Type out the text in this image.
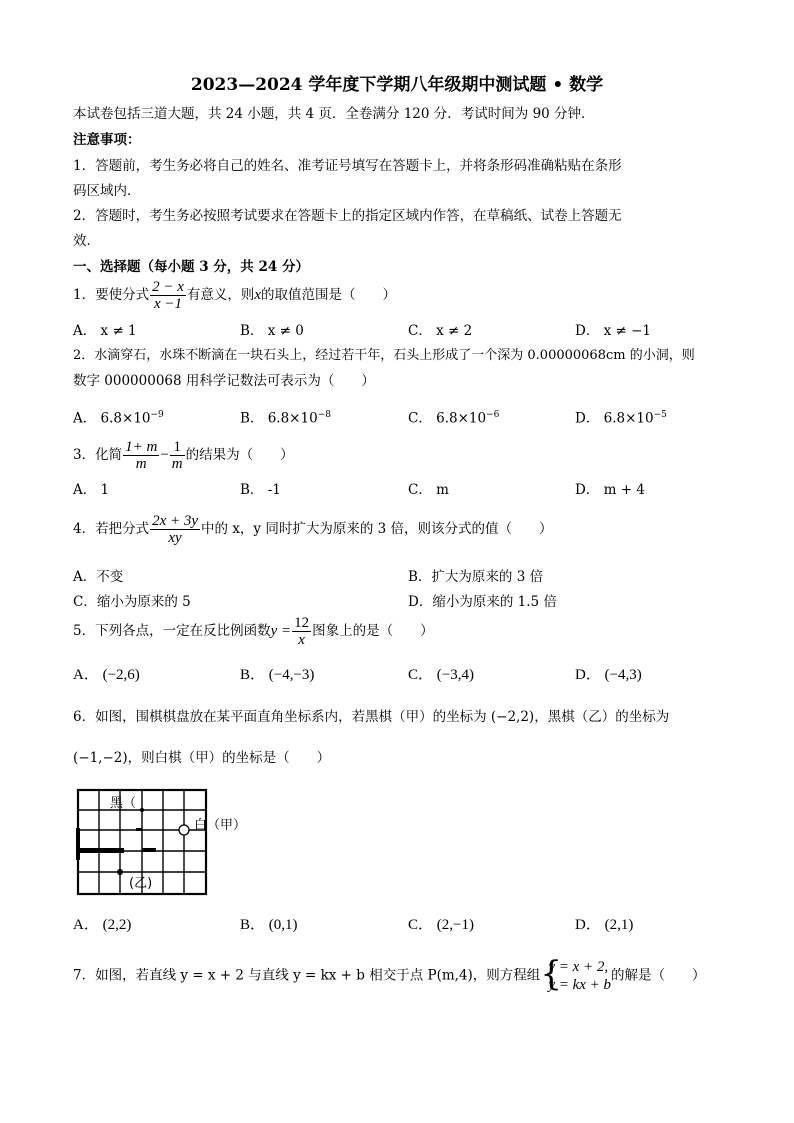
2023—2024 学年度下学期八年级期中测试题 • 数学
本试卷包括三道大题，共 24 小题，共 4 页．全卷满分 120 分．考试时间为 90 分钟．
注意事项：
1．答题前，考生务必将自己的姓名、准考证号填写在答题卡上，并将条形码准确粘贴在条形
码区域内．
2．答题时，考生务必按照考试要求在答题卡上的指定区域内作答，在草稿纸、试卷上答题无
效．
一、选择题（每小题 3 分，共 24 分）
1．要使分式 $\frac{2 - x}{x -1}$ 有意义，则x的取值范围是（　　）
A． x ≠ 1	B． x ≠ 0	C． x ≠ 2	D． x ≠ −1
2．水滴穿石，水珠不断滴在一块石头上，经过若干年，石头上形成了一个深为 0.00000068cm 的小洞，则
数字 000000068 用科学记数法可表示为（　　）
A． $6.8\times 10^{-9}$	B． $6.8\times 10^{-8}$	C． $6.8\times 10^{-6}$	D． $6.8\times 10^{-5}$
3．化简 $\frac{1+ m}{m} - \frac{1}{m}$ 的结果为（　　）
A． 1	B． -1	C． m	D． m + 4
4．若把分式 $\frac{2x + 3y}{xy}$ 中的 x，y 同时扩大为原来的 3 倍，则该分式的值（　　）
A．不变	B．扩大为原来的 3 倍
C．缩小为原来的 5	D．缩小为原来的 1.5 倍
5．下列各点，一定在反比例函数$y = \frac{12}{x}$ 图象上的是（　　）
A． (−2,6)	B． (−4,−3)	C． (−3,4)	D． (−4,3)
6．如图，围棋棋盘放在某平面直角坐标系内，若黑棋（甲）的坐标为 (−2,2)，黑棋（乙）的坐标为
(−1,−2)，则白棋（甲）的坐标是（　　）
黑（
白（甲）
(乙)
A． (2,2)	B． (0,1)	C． (2,−1)	D． (2,1)
7．如图，若直线 y = x + 2 与直线 y = kx + b 相交于点 P(m,4)，则方程组 {
y = x + 2,
y = kx + b
的解是（　　）
